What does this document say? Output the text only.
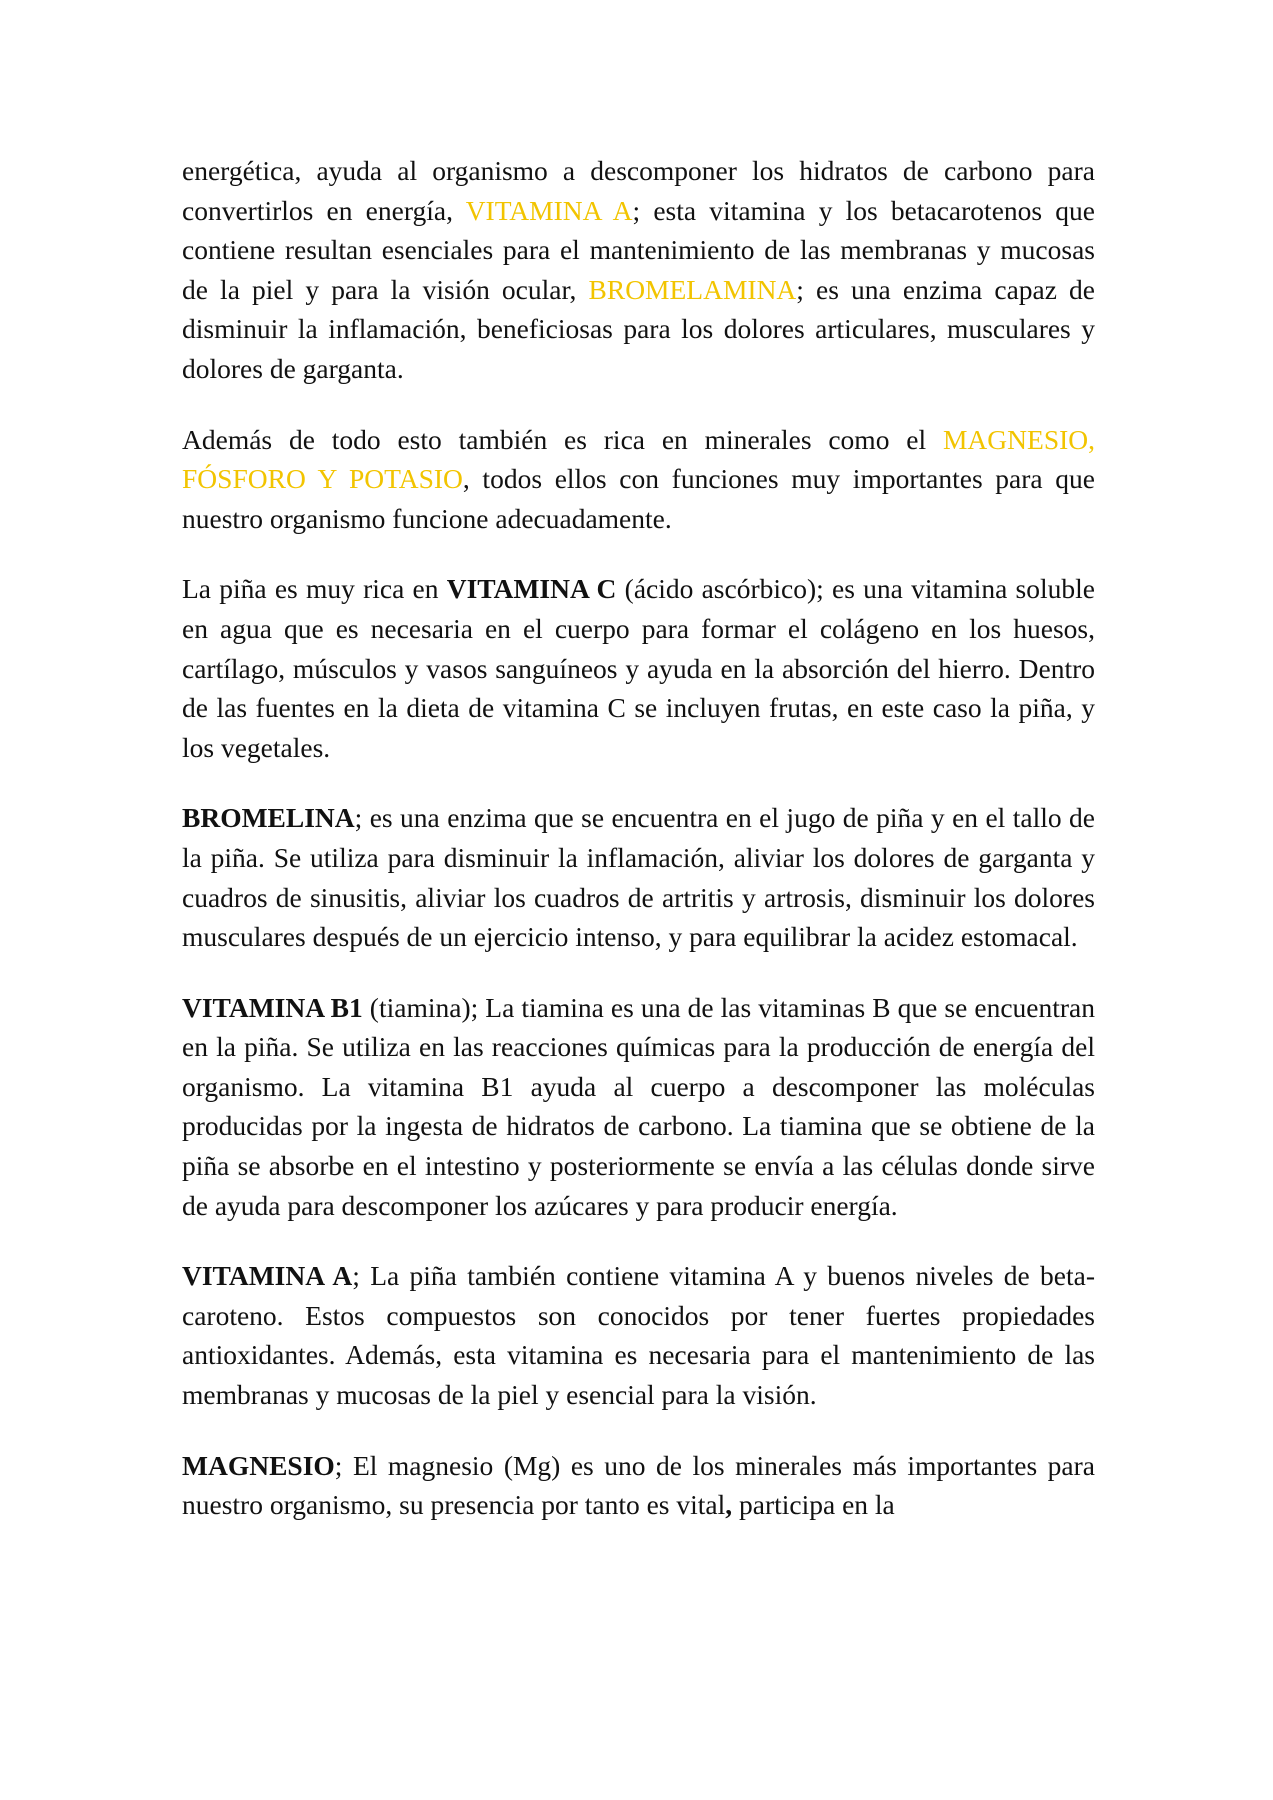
energética, ayuda al organismo a descomponer los hidratos de carbono para convertirlos en energía, VITAMINA A; esta vitamina y los betacarotenos que contiene resultan esenciales para el mantenimiento de las membranas y mucosas de la piel y para la visión ocular, BROMELAMINA; es una enzima capaz de disminuir la inflamación, beneficiosas para los dolores articulares, musculares y dolores de garganta.

Además de todo esto también es rica en minerales como el MAGNESIO, FÓSFORO Y POTASIO, todos ellos con funciones muy importantes para que nuestro organismo funcione adecuadamente.

La piña es muy rica en VITAMINA C (ácido ascórbico); es una vitamina soluble en agua que es necesaria en el cuerpo para formar el colágeno en los huesos, cartílago, músculos y vasos sanguíneos y ayuda en la absorción del hierro. Dentro de las fuentes en la dieta de vitamina C se incluyen frutas, en este caso la piña, y los vegetales.

BROMELINA; es una enzima que se encuentra en el jugo de piña y en el tallo de la piña. Se utiliza para disminuir la inflamación, aliviar los dolores de garganta y cuadros de sinusitis, aliviar los cuadros de artritis y artrosis, disminuir los dolores musculares después de un ejercicio intenso, y para equilibrar la acidez estomacal.

VITAMINA B1 (tiamina); La tiamina es una de las vitaminas B que se encuentran en la piña. Se utiliza en las reacciones químicas para la producción de energía del organismo. La vitamina B1 ayuda al cuerpo a descomponer las moléculas producidas por la ingesta de hidratos de carbono. La tiamina que se obtiene de la piña se absorbe en el intestino y posteriormente se envía a las células donde sirve de ayuda para descomponer los azúcares y para producir energía.

VITAMINA A; La piña también contiene vitamina A y buenos niveles de beta-caroteno. Estos compuestos son conocidos por tener fuertes propiedades antioxidantes. Además, esta vitamina es necesaria para el mantenimiento de las membranas y mucosas de la piel y esencial para la visión.

MAGNESIO; El magnesio (Mg) es uno de los minerales más importantes para nuestro organismo, su presencia por tanto es vital, participa en la
